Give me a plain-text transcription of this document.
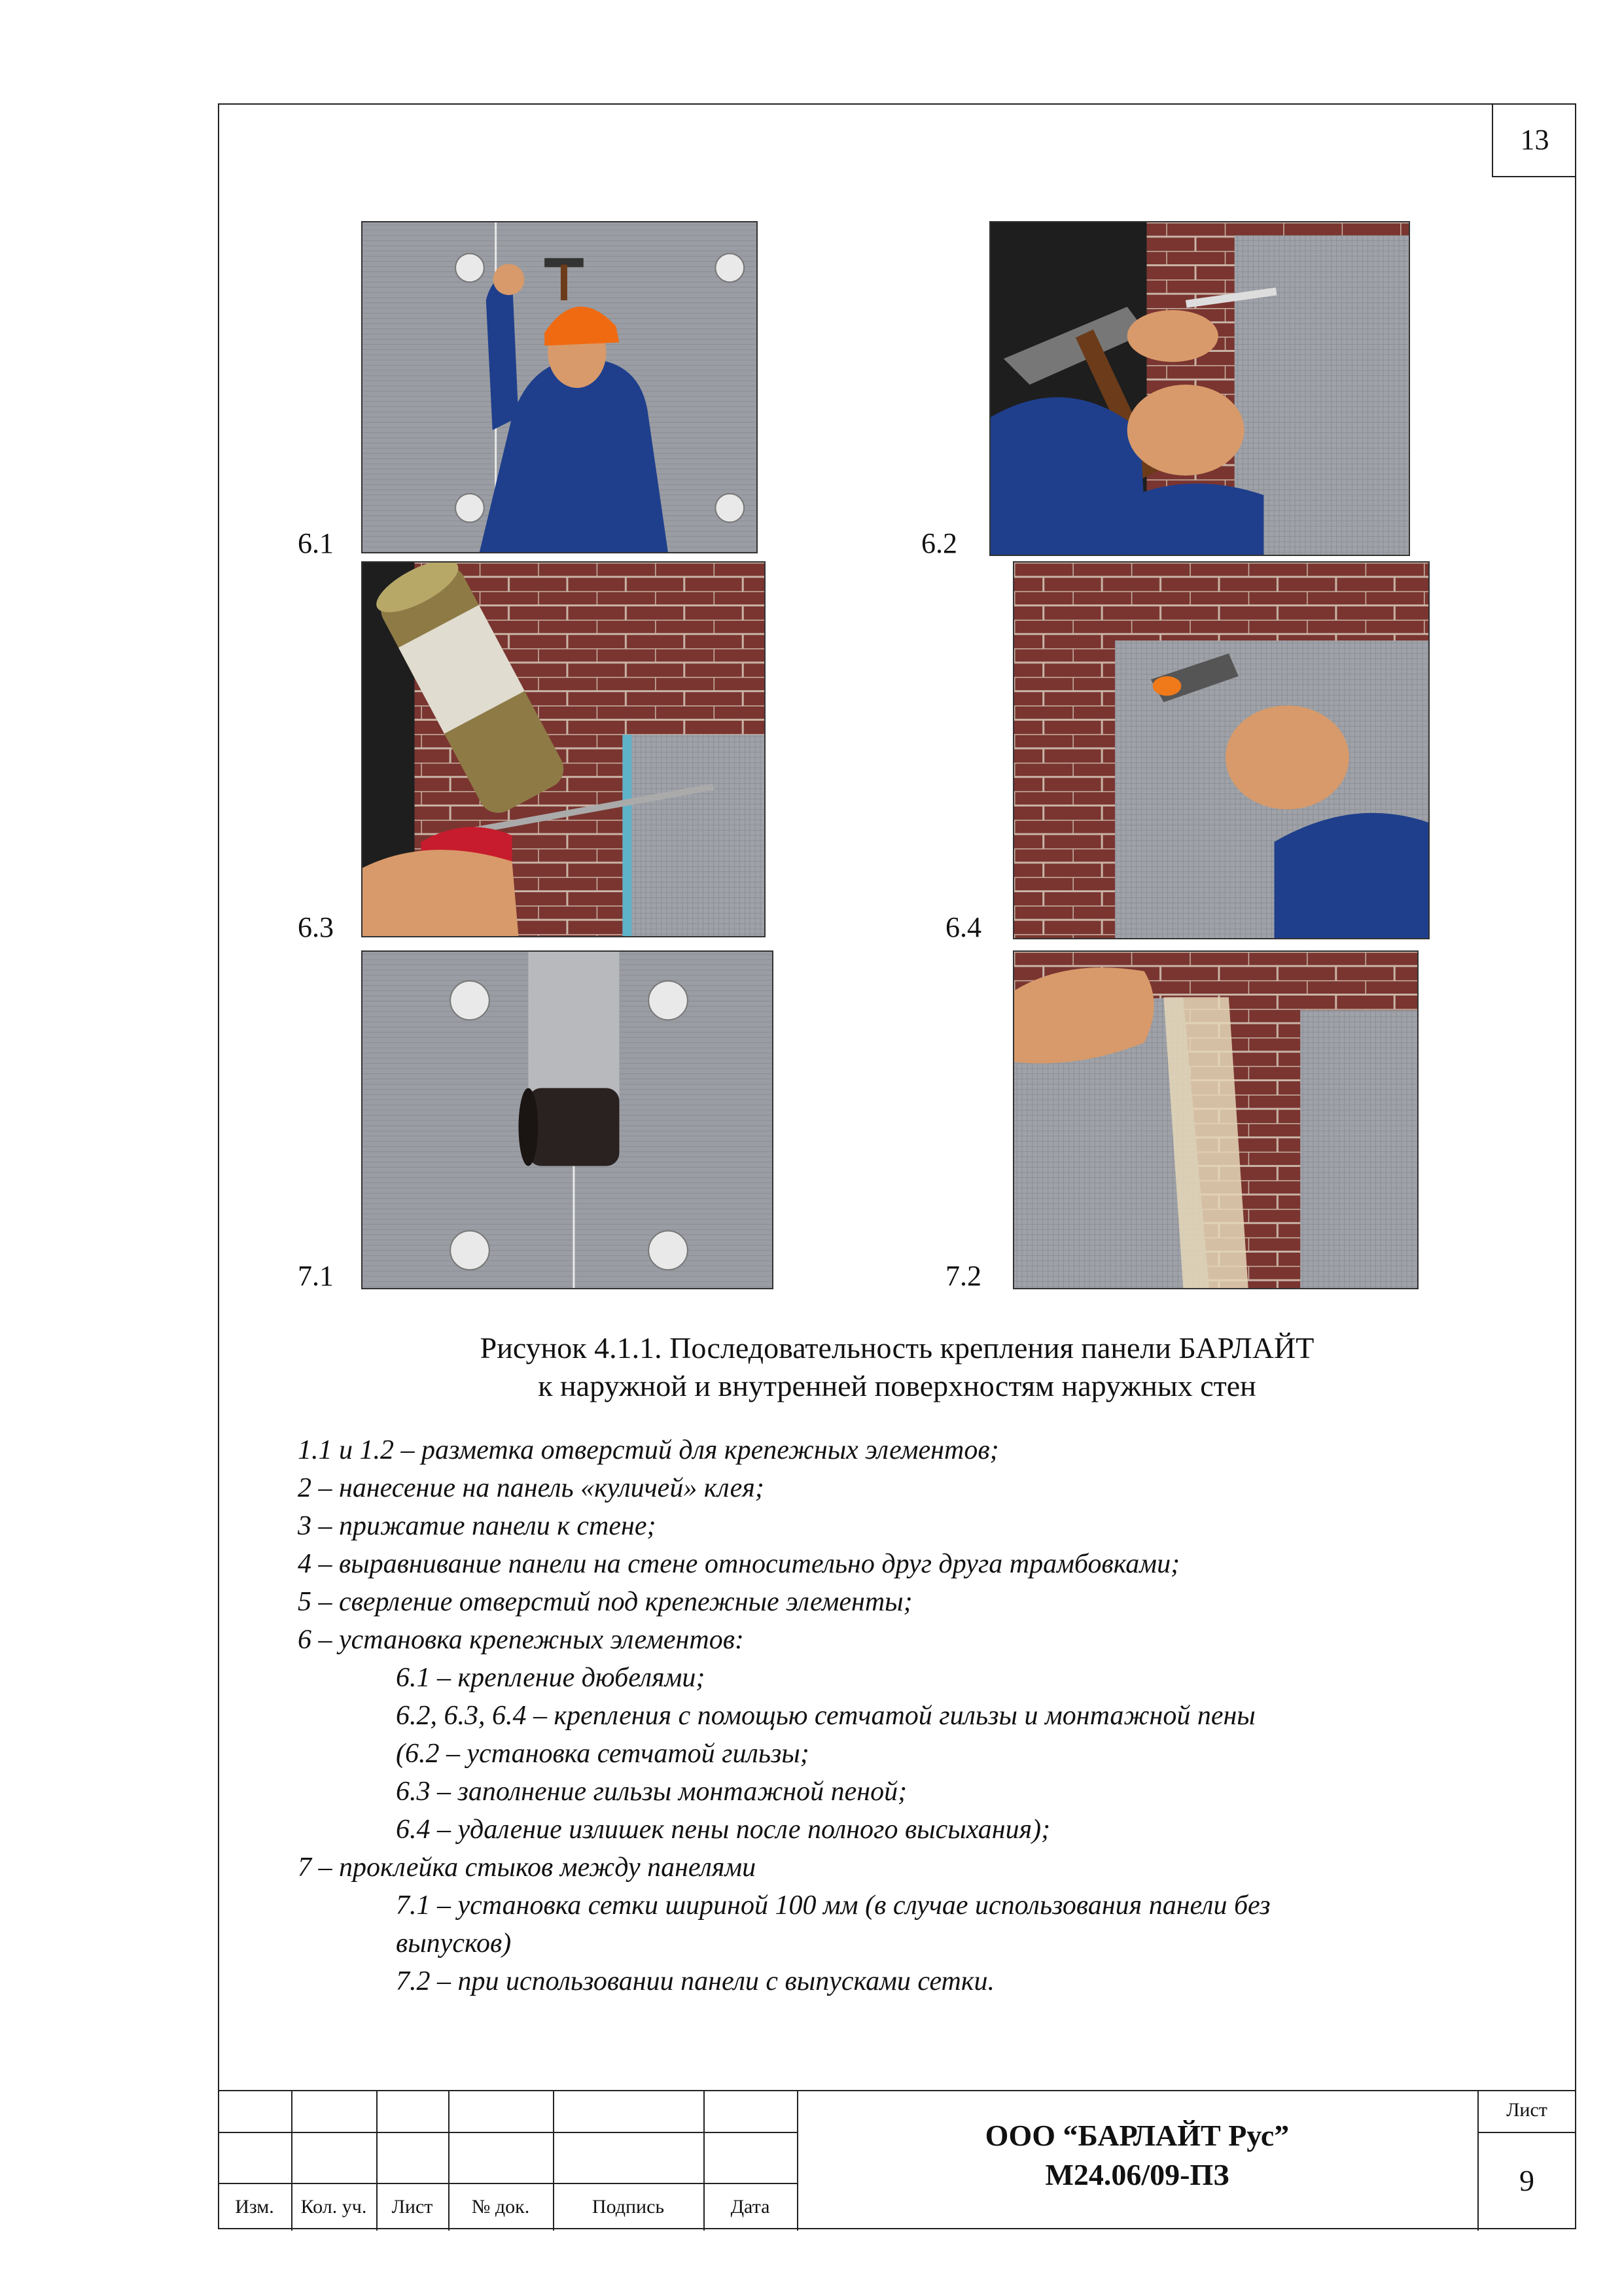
13
6.1	6.2
6.3	6.4
7.1	7.2
Рисунок 4.1.1. Последовательность крепления панели БАРЛАЙТ
к наружной и внутренней поверхностям наружных стен
1.1 и 1.2 – разметка отверстий для крепежных элементов;
2 – нанесение на панель «куличей» клея;
3 – прижатие панели к стене;
4 – выравнивание панели на стене относительно друг друга трамбовками;
5 – сверление отверстий под крепежные элементы;
6 – установка крепежных элементов:
6.1 – крепление дюбелями;
6.2, 6.3, 6.4 – крепления с помощью сетчатой гильзы и монтажной пены
(6.2 – установка сетчатой гильзы;
6.3 – заполнение гильзы монтажной пеной;
6.4 – удаление излишек пены после полного высыхания);
7 – проклейка стыков между панелями
7.1 – установка сетки шириной 100 мм (в случае использования панели без
выпусков)
7.2 – при использовании панели с выпусками сетки.
Изм.	Кол. уч.	Лист	№ док.	Подпись	Дата
ООО “БАРЛАЙТ Рус”
М24.06/09-ПЗ
Лист
9
